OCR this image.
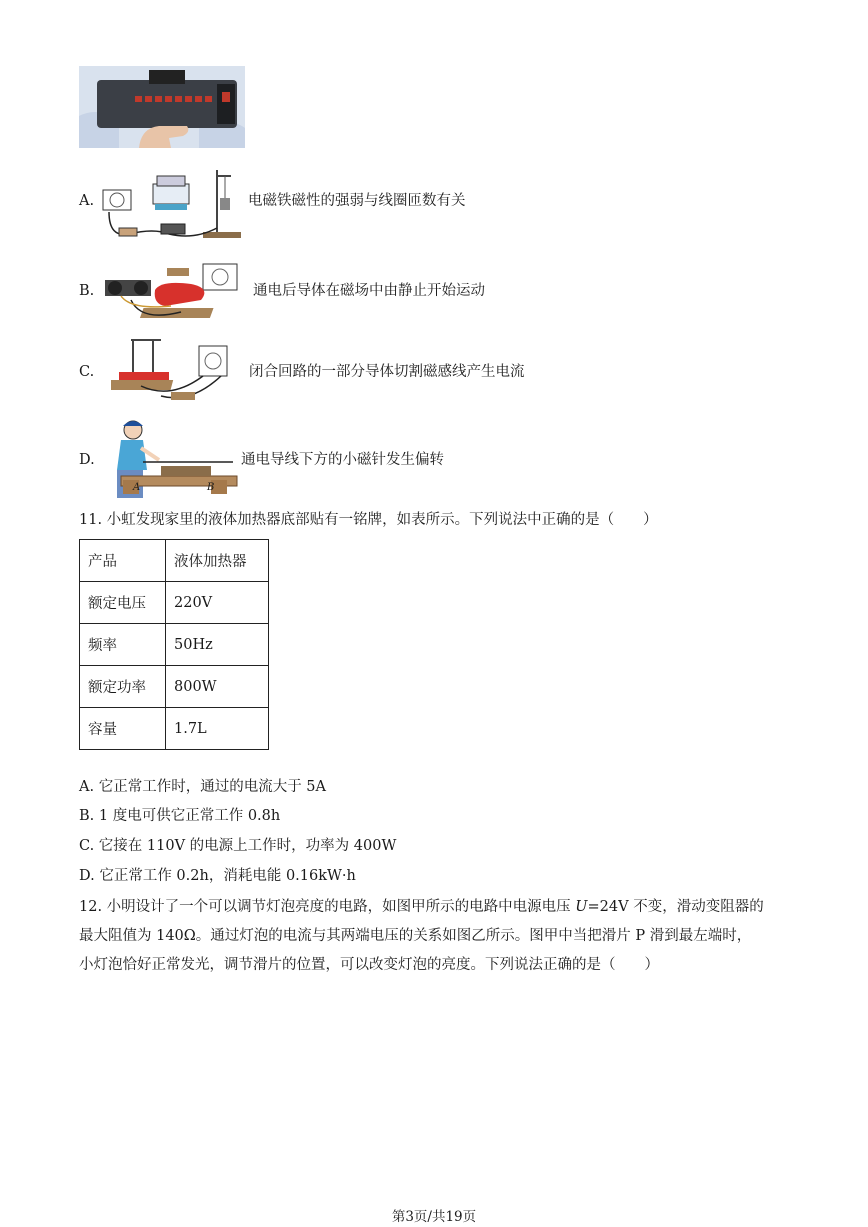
A.	电磁铁磁性的强弱与线圈匝数有关
B.	通电后导体在磁场中由静止开始运动
C.	闭合回路的一部分导体切割磁感线产生电流
D.
A	B
通电导线下方的小磁针发生偏转
11. 小虹发现家里的液体加热器底部贴有一铭牌，如表所示。下列说法中正确的是（　　）
产品	液体加热器
额定电压	220V
频率	50Hz
额定功率	800W
容量	1.7L
A. 它正常工作时，通过的电流大于 5A
B. 1 度电可供它正常工作 0.8h
C. 它接在 110V 的电源上工作时，功率为 400W
D. 它正常工作 0.2h，消耗电能 0.16kW·h
12. 小明设计了一个可以调节灯泡亮度的电路，如图甲所示的电路中电源电压 U=24V 不变，滑动变阻器的
最大阻值为 140Ω。通过灯泡的电流与其两端电压的关系如图乙所示。图甲中当把滑片 P 滑到最左端时，
小灯泡恰好正常发光，调节滑片的位置，可以改变灯泡的亮度。下列说法正确的是（　　）
第3页/共19页
